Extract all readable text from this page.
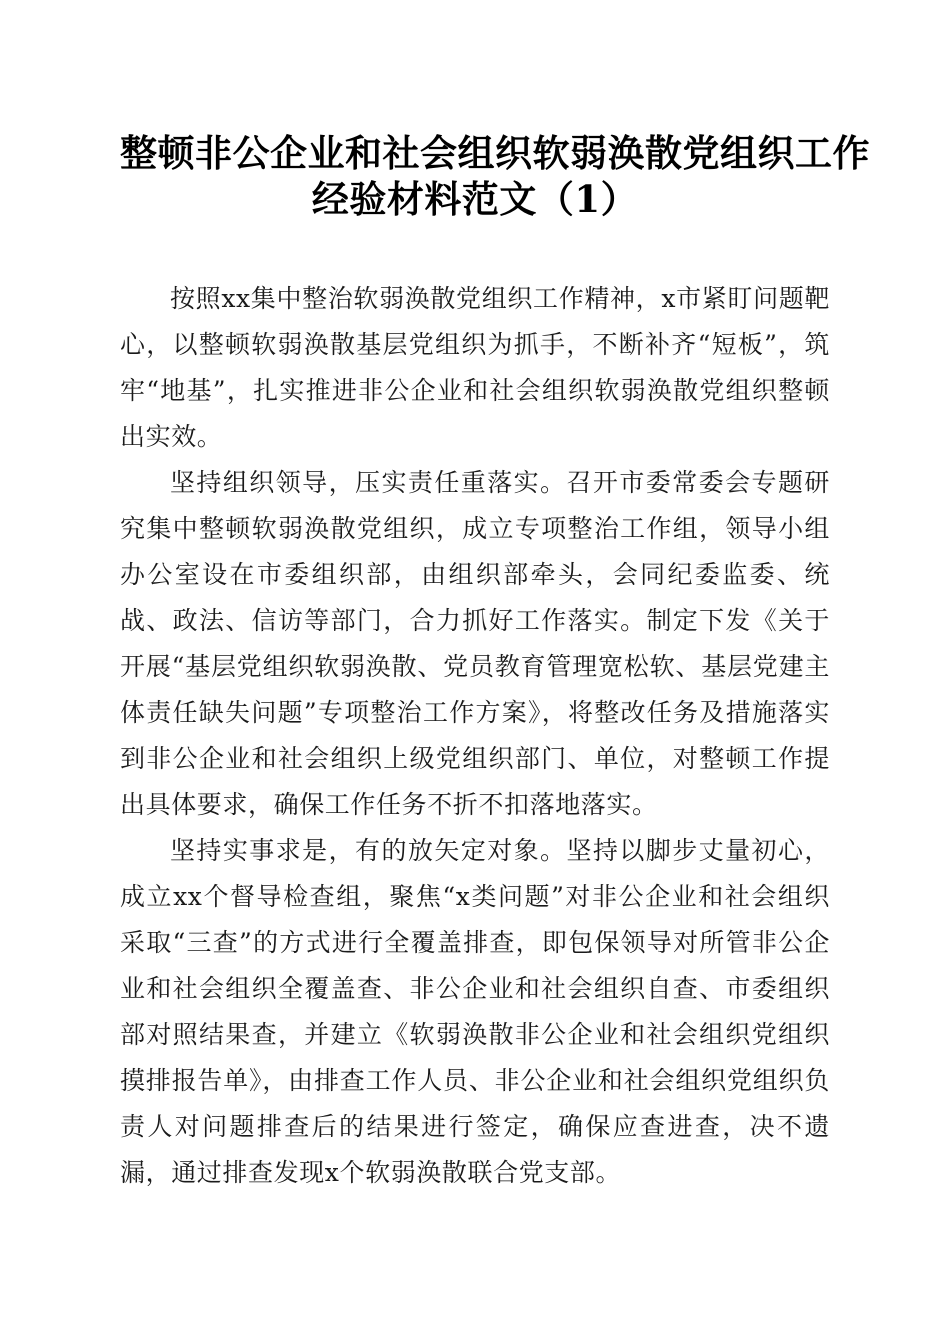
整顿非公企业和社会组织软弱涣散党组织工作
经验材料范文（1）

按照xx集中整治软弱涣散党组织工作精神，x市紧盯问题靶心，以整顿软弱涣散基层党组织为抓手，不断补齐“短板”，筑牢“地基”，扎实推进非公企业和社会组织软弱涣散党组织整顿出实效。

坚持组织领导，压实责任重落实。召开市委常委会专题研究集中整顿软弱涣散党组织，成立专项整治工作组，领导小组办公室设在市委组织部，由组织部牵头，会同纪委监委、统战、政法、信访等部门，合力抓好工作落实。制定下发《关于开展“基层党组织软弱涣散、党员教育管理宽松软、基层党建主体责任缺失问题”专项整治工作方案》，将整改任务及措施落实到非公企业和社会组织上级党组织部门、单位，对整顿工作提出具体要求，确保工作任务不折不扣落地落实。

坚持实事求是，有的放矢定对象。坚持以脚步丈量初心，成立xx个督导检查组，聚焦“x类问题”对非公企业和社会组织采取“三查”的方式进行全覆盖排查，即包保领导对所管非公企业和社会组织全覆盖查、非公企业和社会组织自查、市委组织部对照结果查，并建立《软弱涣散非公企业和社会组织党组织摸排报告单》，由排查工作人员、非公企业和社会组织党组织负责人对问题排查后的结果进行签定，确保应查进查，决不遗漏，通过排查发现x个软弱涣散联合党支部。
